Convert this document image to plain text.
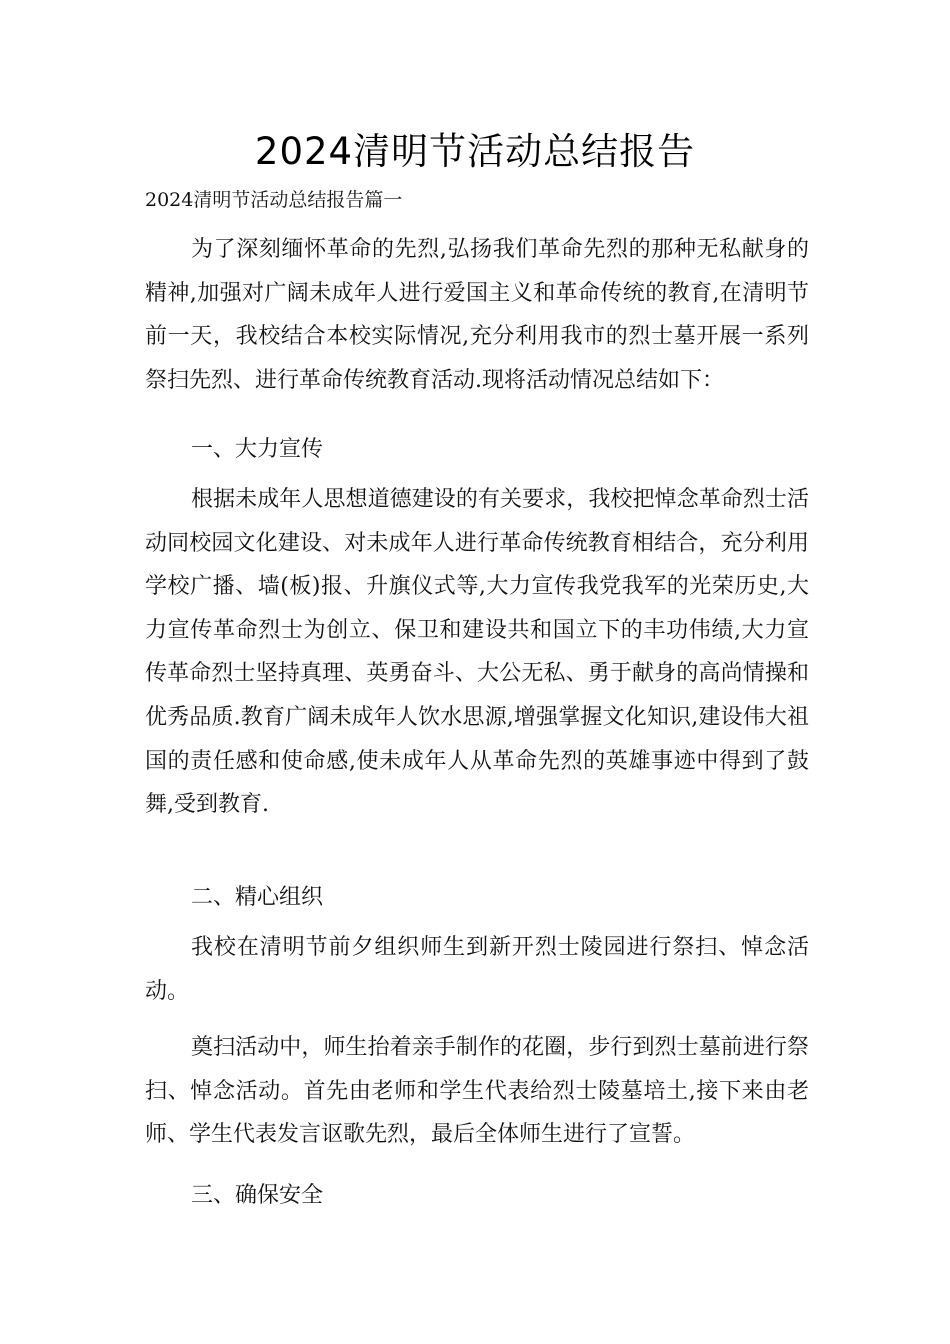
2024清明节活动总结报告
2024清明节活动总结报告篇一

为了深刻缅怀革命的先烈,弘扬我们革命先烈的那种无私献身的精神,加强对广阔未成年人进行爱国主义和革命传统的教育,在清明节前一天，我校结合本校实际情况,充分利用我市的烈士墓开展一系列祭扫先烈、进行革命传统教育活动.现将活动情况总结如下：

一、大力宣传

根据未成年人思想道德建设的有关要求，我校把悼念革命烈士活动同校园文化建设、对未成年人进行革命传统教育相结合，充分利用学校广播、墙(板)报、升旗仪式等,大力宣传我党我军的光荣历史,大力宣传革命烈士为创立、保卫和建设共和国立下的丰功伟绩,大力宣传革命烈士坚持真理、英勇奋斗、大公无私、勇于献身的高尚情操和优秀品质.教育广阔未成年人饮水思源,增强掌握文化知识,建设伟大祖国的责任感和使命感,使未成年人从革命先烈的英雄事迹中得到了鼓舞,受到教育.

二、精心组织

我校在清明节前夕组织师生到新开烈士陵园进行祭扫、悼念活动。

奠扫活动中，师生抬着亲手制作的花圈，步行到烈士墓前进行祭扫、悼念活动。首先由老师和学生代表给烈士陵墓培土,接下来由老师、学生代表发言讴歌先烈，最后全体师生进行了宣誓。

三、确保安全
